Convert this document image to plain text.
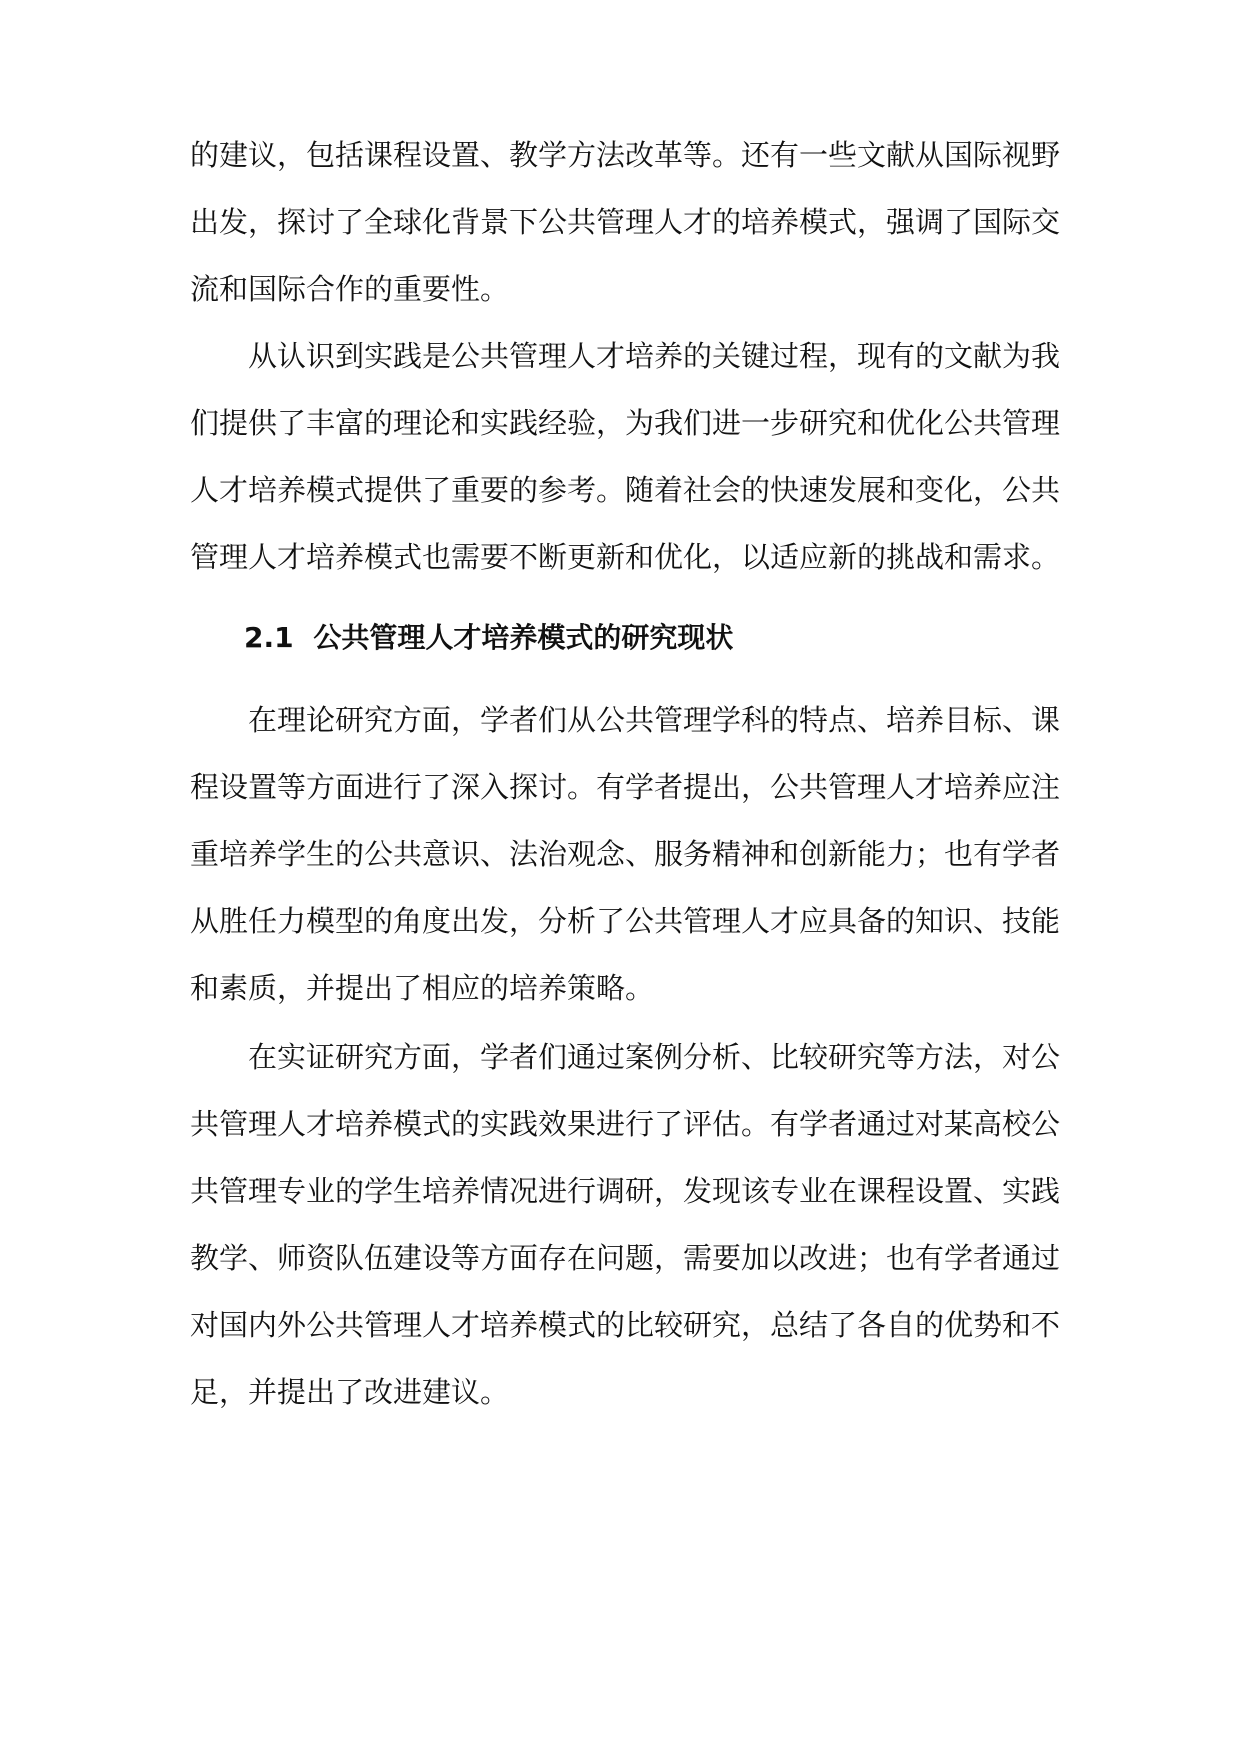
的建议，包括课程设置、教学方法改革等。还有一些文献从国际视野
出发，探讨了全球化背景下公共管理人才的培养模式，强调了国际交
流和国际合作的重要性。
从认识到实践是公共管理人才培养的关键过程，现有的文献为我
们提供了丰富的理论和实践经验，为我们进一步研究和优化公共管理
人才培养模式提供了重要的参考。随着社会的快速发展和变化，公共
管理人才培养模式也需要不断更新和优化，以适应新的挑战和需求。
2.1 公共管理人才培养模式的研究现状
在理论研究方面，学者们从公共管理学科的特点、培养目标、课
程设置等方面进行了深入探讨。有学者提出，公共管理人才培养应注
重培养学生的公共意识、法治观念、服务精神和创新能力；也有学者
从胜任力模型的角度出发，分析了公共管理人才应具备的知识、技能
和素质，并提出了相应的培养策略。
在实证研究方面，学者们通过案例分析、比较研究等方法，对公
共管理人才培养模式的实践效果进行了评估。有学者通过对某高校公
共管理专业的学生培养情况进行调研，发现该专业在课程设置、实践
教学、师资队伍建设等方面存在问题，需要加以改进；也有学者通过
对国内外公共管理人才培养模式的比较研究，总结了各自的优势和不
足，并提出了改进建议。
